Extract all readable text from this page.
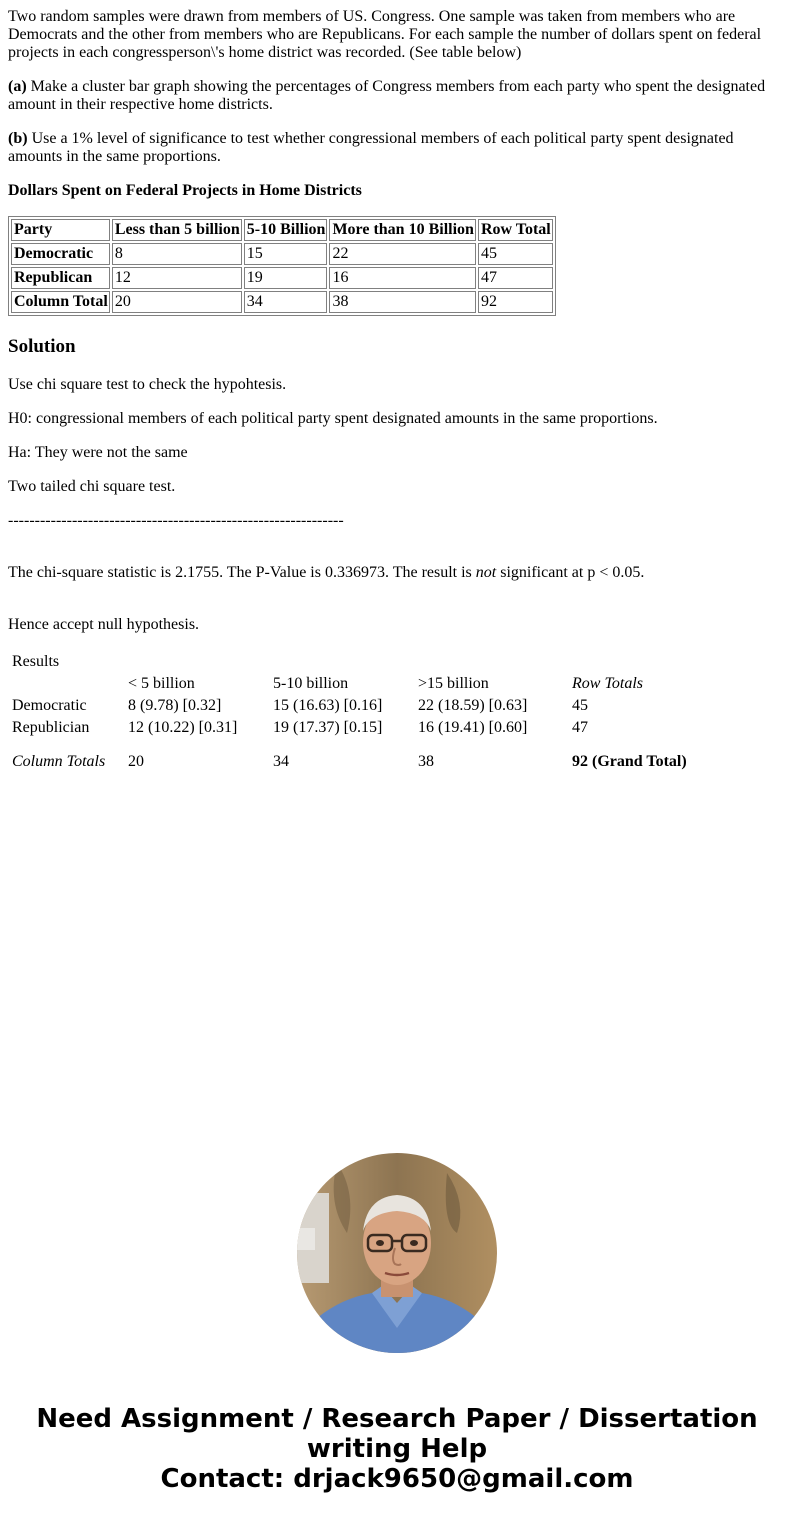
Two random samples were drawn from members of US. Congress. One sample was taken from members who are Democrats and the other from members who are Republicans. For each sample the number of dollars spent on federal projects in each congressperson\'s home district was recorded. (See table below)

(a) Make a cluster bar graph showing the percentages of Congress members from each party who spent the designated amount in their respective home districts.

(b) Use a 1% level of significance to test whether congressional members of each political party spent designated amounts in the same proportions.

Dollars Spent on Federal Projects in Home Districts

Party	Less than 5 billion	5-10 Billion	More than 10 Billion	Row Total
Democratic	8	15	22	45
Republican	12	19	16	47
Column Total	20	34	38	92
Solution

Use chi square test to check the hypohtesis.

H0: congressional members of each political party spent designated amounts in the same proportions.

Ha: They were not the same

Two tailed chi square test.

---------------------------------------------------------------

The chi-square statistic is 2.1755. The P-Value is 0.336973. The result is not significant at p < 0.05.

Hence accept null hypothesis.

Results				
	< 5 billion	5-10 billion	>15 billion	Row Totals
Democratic	8 (9.78) [0.32]	15 (16.63) [0.16]	22 (18.59) [0.63]	45
Republician	12 (10.22) [0.31]	19 (17.37) [0.15]	16 (19.41) [0.60]	47

Column Totals	20	34	38	92 (Grand Total)
Need Assignment / Research Paper / Dissertation
writing Help
Contact: drjack9650@gmail.com
